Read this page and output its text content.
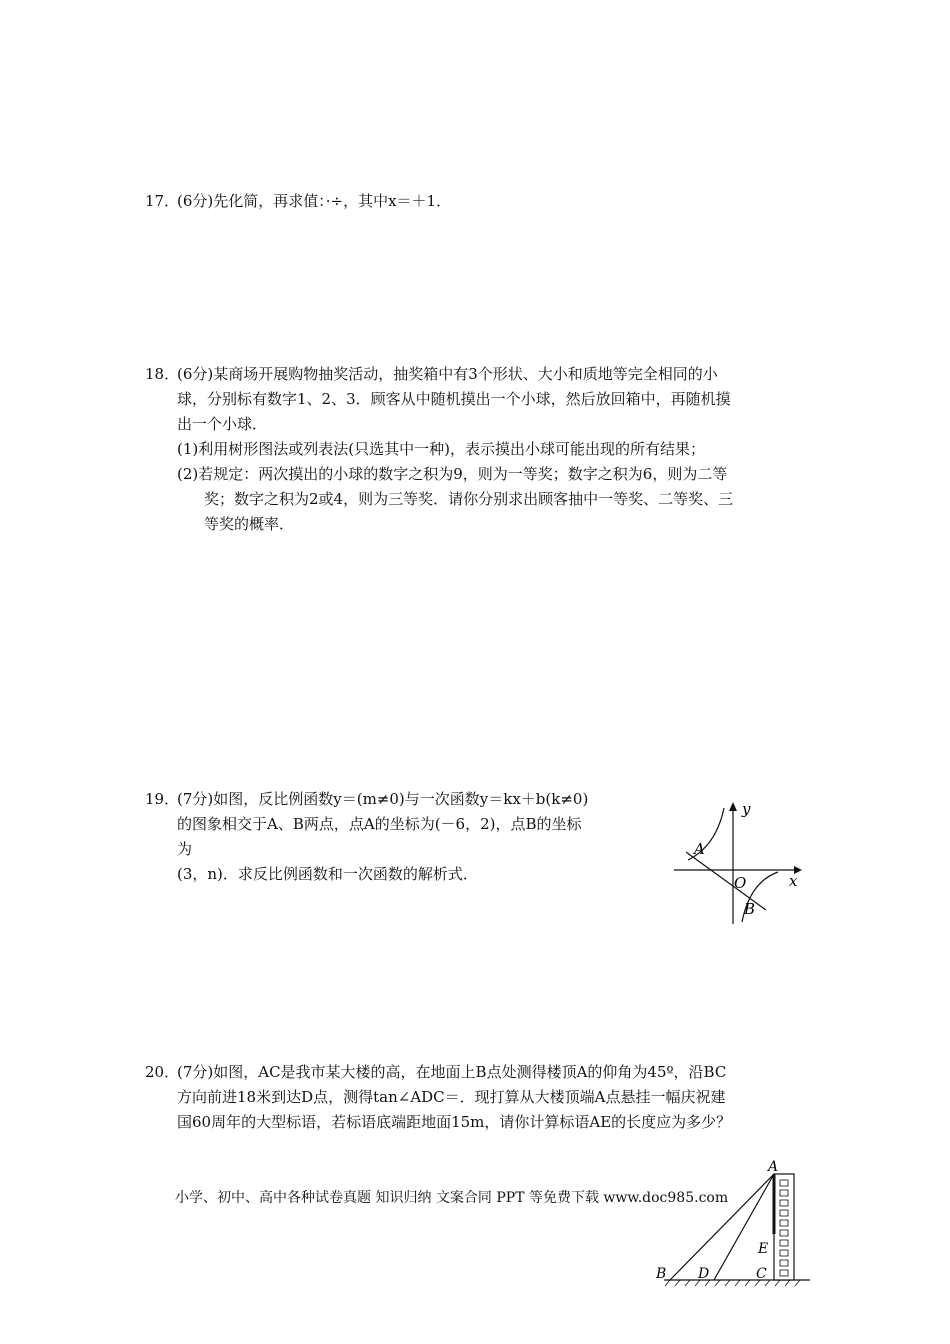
17．(6分)先化简，再求值：·÷，其中x＝＋1．
18．(6分)某商场开展购物抽奖活动，抽奖箱中有3个形状、大小和质地等完全相同的小
球，分别标有数字1、2、3．顾客从中随机摸出一个小球，然后放回箱中，再随机摸
出一个小球．
(1)利用树形图法或列表法(只选其中一种)，表示摸出小球可能出现的所有结果；
(2)若规定：两次摸出的小球的数字之积为9，则为一等奖；数字之积为6，则为二等
奖；数字之积为2或4，则为三等奖．请你分别求出顾客抽中一等奖、二等奖、三
等奖的概率．
19．(7分)如图，反比例函数y＝(m≠0)与一次函数y＝kx＋b(k≠0)
的图象相交于A、B两点，点A的坐标为(－6，2)，点B的坐标
为
(3，n)．求反比例函数和一次函数的解析式．
y
x
O
A
B
20．(7分)如图，AC是我市某大楼的高，在地面上B点处测得楼顶A的仰角为45º，沿BC
方向前进18米到达D点，测得tan∠ADC＝．现打算从大楼顶端A点悬挂一幅庆祝建
国60周年的大型标语，若标语底端距地面15m，请你计算标语AE的长度应为多少？
A
B D	C
E
小学、初中、高中各种试卷真题 知识归纳 文案合同 PPT 等免费下载 www.doc985.com
